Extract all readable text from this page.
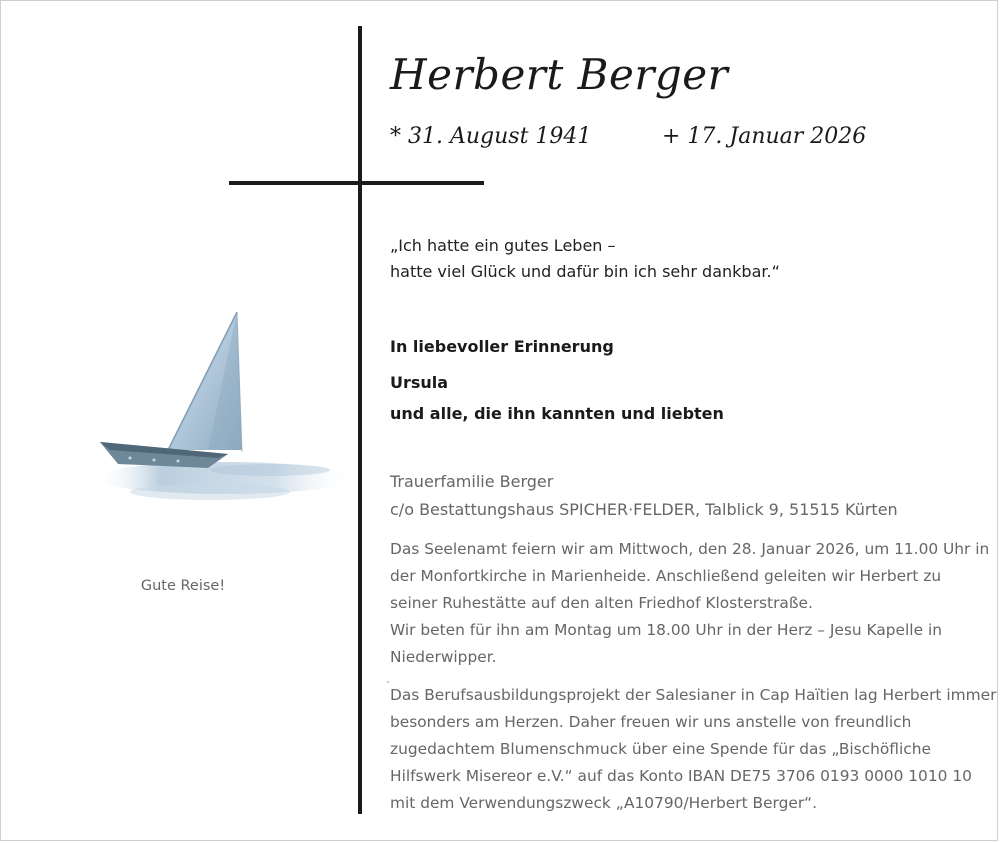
Herbert Berger
* 31. August 1941	+ 17. Januar 2026
„Ich hatte ein gutes Leben –
hatte viel Glück und dafür bin ich sehr dankbar.“
In liebevoller Erinnerung
Ursula
und alle, die ihn kannten und liebten
Trauerfamilie Berger
c/o Bestattungshaus SPICHER·FELDER, Talblick 9, 51515 Kürten
Das Seelenamt feiern wir am Mittwoch, den 28. Januar 2026, um 11.00 Uhr in
der Monfortkirche in Marienheide. Anschließend geleiten wir Herbert zu
seiner Ruhestätte auf den alten Friedhof Klosterstraße.
Wir beten für ihn am Montag um 18.00 Uhr in der Herz – Jesu Kapelle in
Niederwipper.
Das Berufsausbildungsprojekt der Salesianer in Cap Haïtien lag Herbert immer
besonders am Herzen. Daher freuen wir uns anstelle von freundlich
zugedachtem Blumenschmuck über eine Spende für das „Bischöfliche
Hilfswerk Misereor e.V.“ auf das Konto IBAN DE75 3706 0193 0000 1010 10
mit dem Verwendungszweck „A10790/Herbert Berger“.
Gute Reise!
